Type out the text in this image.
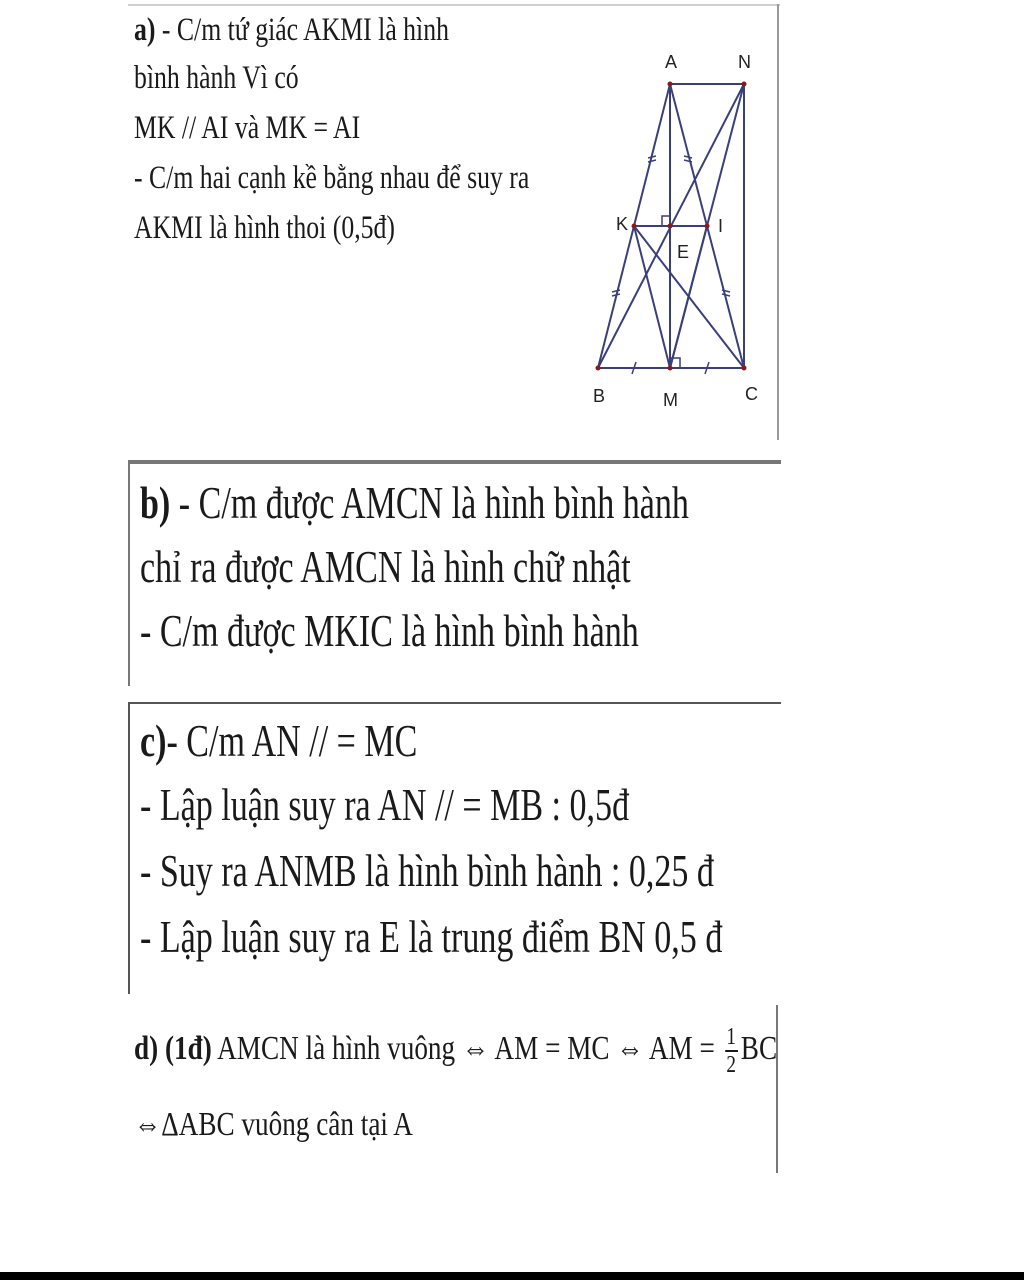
a) - C/m tứ giác AKMI là hình
bình hành Vì có
MK // AI và MK = AI
- C/m hai cạnh kề bằng nhau để suy ra
AKMI là hình thoi (0,5đ)
A	N
K	I
E
B	M	C
b) - C/m được AMCN là hình bình hành
chỉ ra được AMCN là hình chữ nhật
- C/m được MKIC là hình bình hành
c)- C/m AN // = MC
- Lập luận suy ra AN // = MB : 0,5đ
- Suy ra ANMB là hình bình hành : 0,25 đ
- Lập luận suy ra E là trung điểm BN 0,5 đ
d) (1đ) AMCN là hình vuông ⇔ AM = MC ⇔ AM = $\frac{1}{2}$ BC
⇔ΔABC vuông cân tại A
